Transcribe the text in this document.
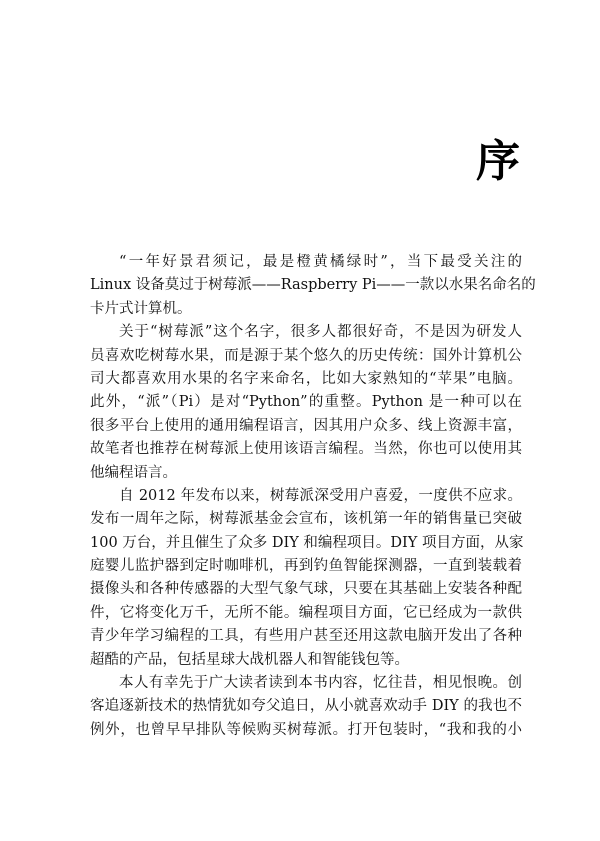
序
“一年好景君须记，最是橙黄橘绿时”，当下最受关注的
Linux 设备莫过于树莓派——Raspberry Pi——一款以水果名命名的
卡片式计算机。
关于“树莓派”这个名字，很多人都很好奇，不是因为研发人
员喜欢吃树莓水果，而是源于某个悠久的历史传统：国外计算机公
司大都喜欢用水果的名字来命名，比如大家熟知的“苹果”电脑。
此外，“派”（Pi）是对“Python”的重整。Python 是一种可以在
很多平台上使用的通用编程语言，因其用户众多、线上资源丰富，
故笔者也推荐在树莓派上使用该语言编程。当然，你也可以使用其
他编程语言。
自 2012 年发布以来，树莓派深受用户喜爱，一度供不应求。
发布一周年之际，树莓派基金会宣布，该机第一年的销售量已突破
100 万台，并且催生了众多 DIY 和编程项目。DIY 项目方面，从家
庭婴儿监护器到定时咖啡机，再到钓鱼智能探测器，一直到装载着
摄像头和各种传感器的大型气象气球，只要在其基础上安装各种配
件，它将变化万千，无所不能。编程项目方面，它已经成为一款供
青少年学习编程的工具，有些用户甚至还用这款电脑开发出了各种
超酷的产品，包括星球大战机器人和智能钱包等。
本人有幸先于广大读者读到本书内容，忆往昔，相见恨晚。创
客追逐新技术的热情犹如夸父追日，从小就喜欢动手 DIY 的我也不
例外，也曾早早排队等候购买树莓派。打开包装时，“我和我的小
